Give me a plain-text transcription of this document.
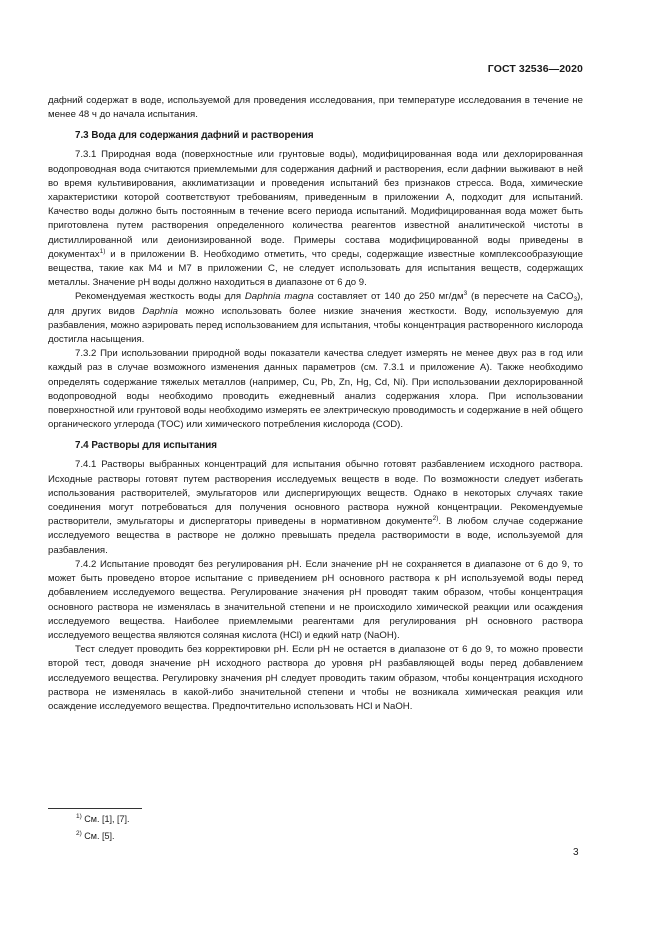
ГОСТ 32536—2020

дафний содержат в воде, используемой для проведения исследования, при температуре исследования в течение не менее 48 ч до начала испытания.

7.3 Вода для содержания дафний и растворения

7.3.1 Природная вода (поверхностные или грунтовые воды), модифицированная вода или дехлорированная водопроводная вода считаются приемлемыми для содержания дафний и растворения, если дафнии выживают в ней во время культивирования, акклиматизации и проведения испытаний без признаков стресса. Вода, химические характеристики которой соответствуют требованиям, приведенным в приложении А, подходит для испытаний. Качество воды должно быть постоянным в течение всего периода испытаний. Модифицированная вода может быть приготовлена путем растворения определенного количества реагентов известной аналитической чистоты в дистиллированной или деионизированной воде. Примеры состава модифицированной воды приведены в документах$^{1)}$ и в приложении В. Необходимо отметить, что среды, содержащие известные комплексообразующие вещества, такие как М4 и М7 в приложении С, не следует использовать для испытания веществ, содержащих металлы. Значение pH воды должно находиться в диапазоне от 6 до 9.

Рекомендуемая жесткость воды для Daphnia magna составляет от 140 до 250 $мг/дм^3$ (в пересчете на CaCO$_3$), для других видов Daphnia можно использовать более низкие значения жесткости. Воду, используемую для разбавления, можно аэрировать перед использованием для испытания, чтобы концентрация растворенного кислорода достигла насыщения.

7.3.2 При использовании природной воды показатели качества следует измерять не менее двух раз в год или каждый раз в случае возможного изменения данных параметров (см. 7.3.1 и приложение А). Также необходимо определять содержание тяжелых металлов (например, Cu, Pb, Zn, Hg, Cd, Ni). При использовании дехлорированной водопроводной воды необходимо проводить ежедневный анализ содержания хлора. При использовании поверхностной или грунтовой воды необходимо измерять ее электрическую проводимость и содержание в ней общего органического углерода (TOC) или химического потребления кислорода (COD).

7.4 Растворы для испытания

7.4.1 Растворы выбранных концентраций для испытания обычно готовят разбавлением исходного раствора. Исходные растворы готовят путем растворения исследуемых веществ в воде. По возможности следует избегать использования растворителей, эмульгаторов или диспергирующих веществ. Однако в некоторых случаях такие соединения могут потребоваться для получения основного раствора нужной концентрации. Рекомендуемые растворители, эмульгаторы и диспергаторы приведены в нормативном документе$^{2)}$. В любом случае содержание исследуемого вещества в растворе не должно превышать предела растворимости в воде, используемой для разбавления.

7.4.2 Испытание проводят без регулирования pH. Если значение pH не сохраняется в диапазоне от 6 до 9, то может быть проведено второе испытание с приведением pH основного раствора к pH используемой воды перед добавлением исследуемого вещества. Регулирование значения pH проводят таким образом, чтобы концентрация основного раствора не изменялась в значительной степени и не происходило химической реакции или осаждения исследуемого вещества. Наиболее приемлемыми реагентами для регулирования pH основного раствора исследуемого вещества являются соляная кислота (HCl) и едкий натр (NaOH).

Тест следует проводить без корректировки pH. Если pH не остается в диапазоне от 6 до 9, то можно провести второй тест, доводя значение pH исходного раствора до уровня pH разбавляющей воды перед добавлением исследуемого вещества. Регулировку значения pH следует проводить таким образом, чтобы концентрация исходного раствора не изменялась в какой-либо значительной степени и чтобы не возникала химическая реакция или осаждение исследуемого вещества. Предпочтительно использовать HCl и NaOH.

$^{1)}$ См. [1], [7].
$^{2)}$ См. [5].
3
